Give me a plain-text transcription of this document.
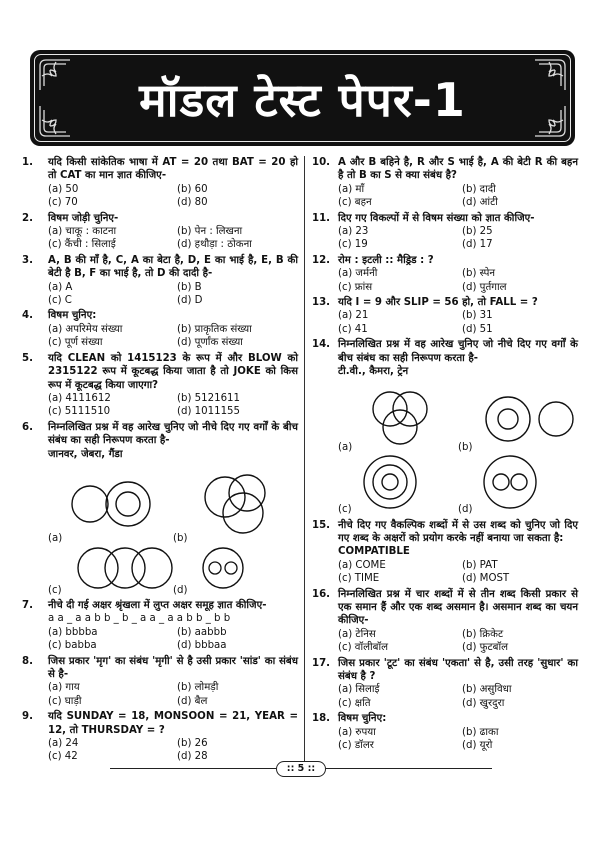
मॉडल टेस्ट पेपर-1
1. यदि किसी सांकेतिक भाषा में AT = 20 तथा BAT = 20 हो तो CAT का मान ज्ञात कीजिए-
(a) 50	(b) 60
(c) 70	(d) 80
2. विषम जोड़ी चुनिए-
(a) चाकू : काटना	(b) पेन : लिखना
(c) कैंची : सिलाई	(d) हथौड़ा : ठोकना
3. A, B की माँ है, C, A का बेटा है, D, E का भाई है, E, B की बेटी है B, F का भाई है, तो D की दादी है-
(a) A	(b) B
(c) C	(d) D
4. विषम चुनिए:
(a) अपरिमेय संख्या	(b) प्राकृतिक संख्या
(c) पूर्ण संख्या	(d) पूर्णांक संख्या
5. यदि CLEAN को 1415123 के रूप में और BLOW को 2315122 रूप में कूटबद्ध किया जाता है तो JOKE को किस रूप में कूटबद्ध किया जाएगा?
(a) 4111612	(b) 5121611
(c) 5111510	(d) 1011155
6. निम्नलिखित प्रश्न में वह आरेख चुनिए जो नीचे दिए गए वर्गों के बीच संबंध का सही निरूपण करता है-
जानवर, जेबरा, गैंडा
(a)	(b)
(c)	(d)
7. नीचे दी गई अक्षर श्रृंखला में लुप्त अक्षर समूह ज्ञात कीजिए-
a a _ a a b b _ b _ a a _ a a b b _ b b
(a) bbbba	(b) aabbb
(c) babba	(d) bbbaa
8. जिस प्रकार 'मृग' का संबंध 'मृगी' से है उसी प्रकार 'सांड' का संबंध से है-
(a) गाय	(b) लोमड़ी
(c) घाड़ी	(d) बैल
9. यदि SUNDAY = 18, MONSOON = 21, YEAR = 12, तो THURSDAY = ?
(a) 24	(b) 26
(c) 42	(d) 28
10. A और B बहिने है, R और S भाई है, A की बेटी R की बहन है तो B का S से क्या संबंध है?
(a) माँ	(b) दादी
(c) बहन	(d) आंटी
11. दिए गए विकल्पों में से विषम संख्या को ज्ञात कीजिए-
(a) 23	(b) 25
(c) 19	(d) 17
12. रोम : इटली :: मैड्रिड : ?
(a) जर्मनी	(b) स्पेन
(c) फ्रांस	(d) पुर्तगाल
13. यदि I = 9 और SLIP = 56 हो, तो FALL = ?
(a) 21	(b) 31
(c) 41	(d) 51
14. निम्नलिखित प्रश्न में वह आरेख चुनिए जो नीचे दिए गए वर्गों के बीच संबंध का सही निरूपण करता है-
टी.वी., कैमरा, ट्रेन
(a)	(b)
(c)	(d)
15. नीचे दिए गए वैकल्पिक शब्दों में से उस शब्द को चुनिए जो दिए गए शब्द के अक्षरों को प्रयोग करके नहीं बनाया जा सकता है:
COMPATIBLE
(a) COME	(b) PAT
(c) TIME	(d) MOST
16. निम्नलिखित प्रश्न में चार शब्दों में से तीन शब्द किसी प्रकार से एक समान हैं और एक शब्द असमान है। असमान शब्द का चयन कीजिए-
(a) टेनिस	(b) क्रिकेट
(c) वॉलीबॉल	(d) फुटबॉल
17. जिस प्रकार 'टूट' का संबंध 'एकता' से है, उसी तरह 'सुधार' का संबंध है ?
(a) सिलाई	(b) असुविधा
(c) क्षति	(d) खुरदुरा
18. विषम चुनिए:
(a) रुपया	(b) ढाका
(c) डॉलर	(d) यूरो
:: 5 ::
